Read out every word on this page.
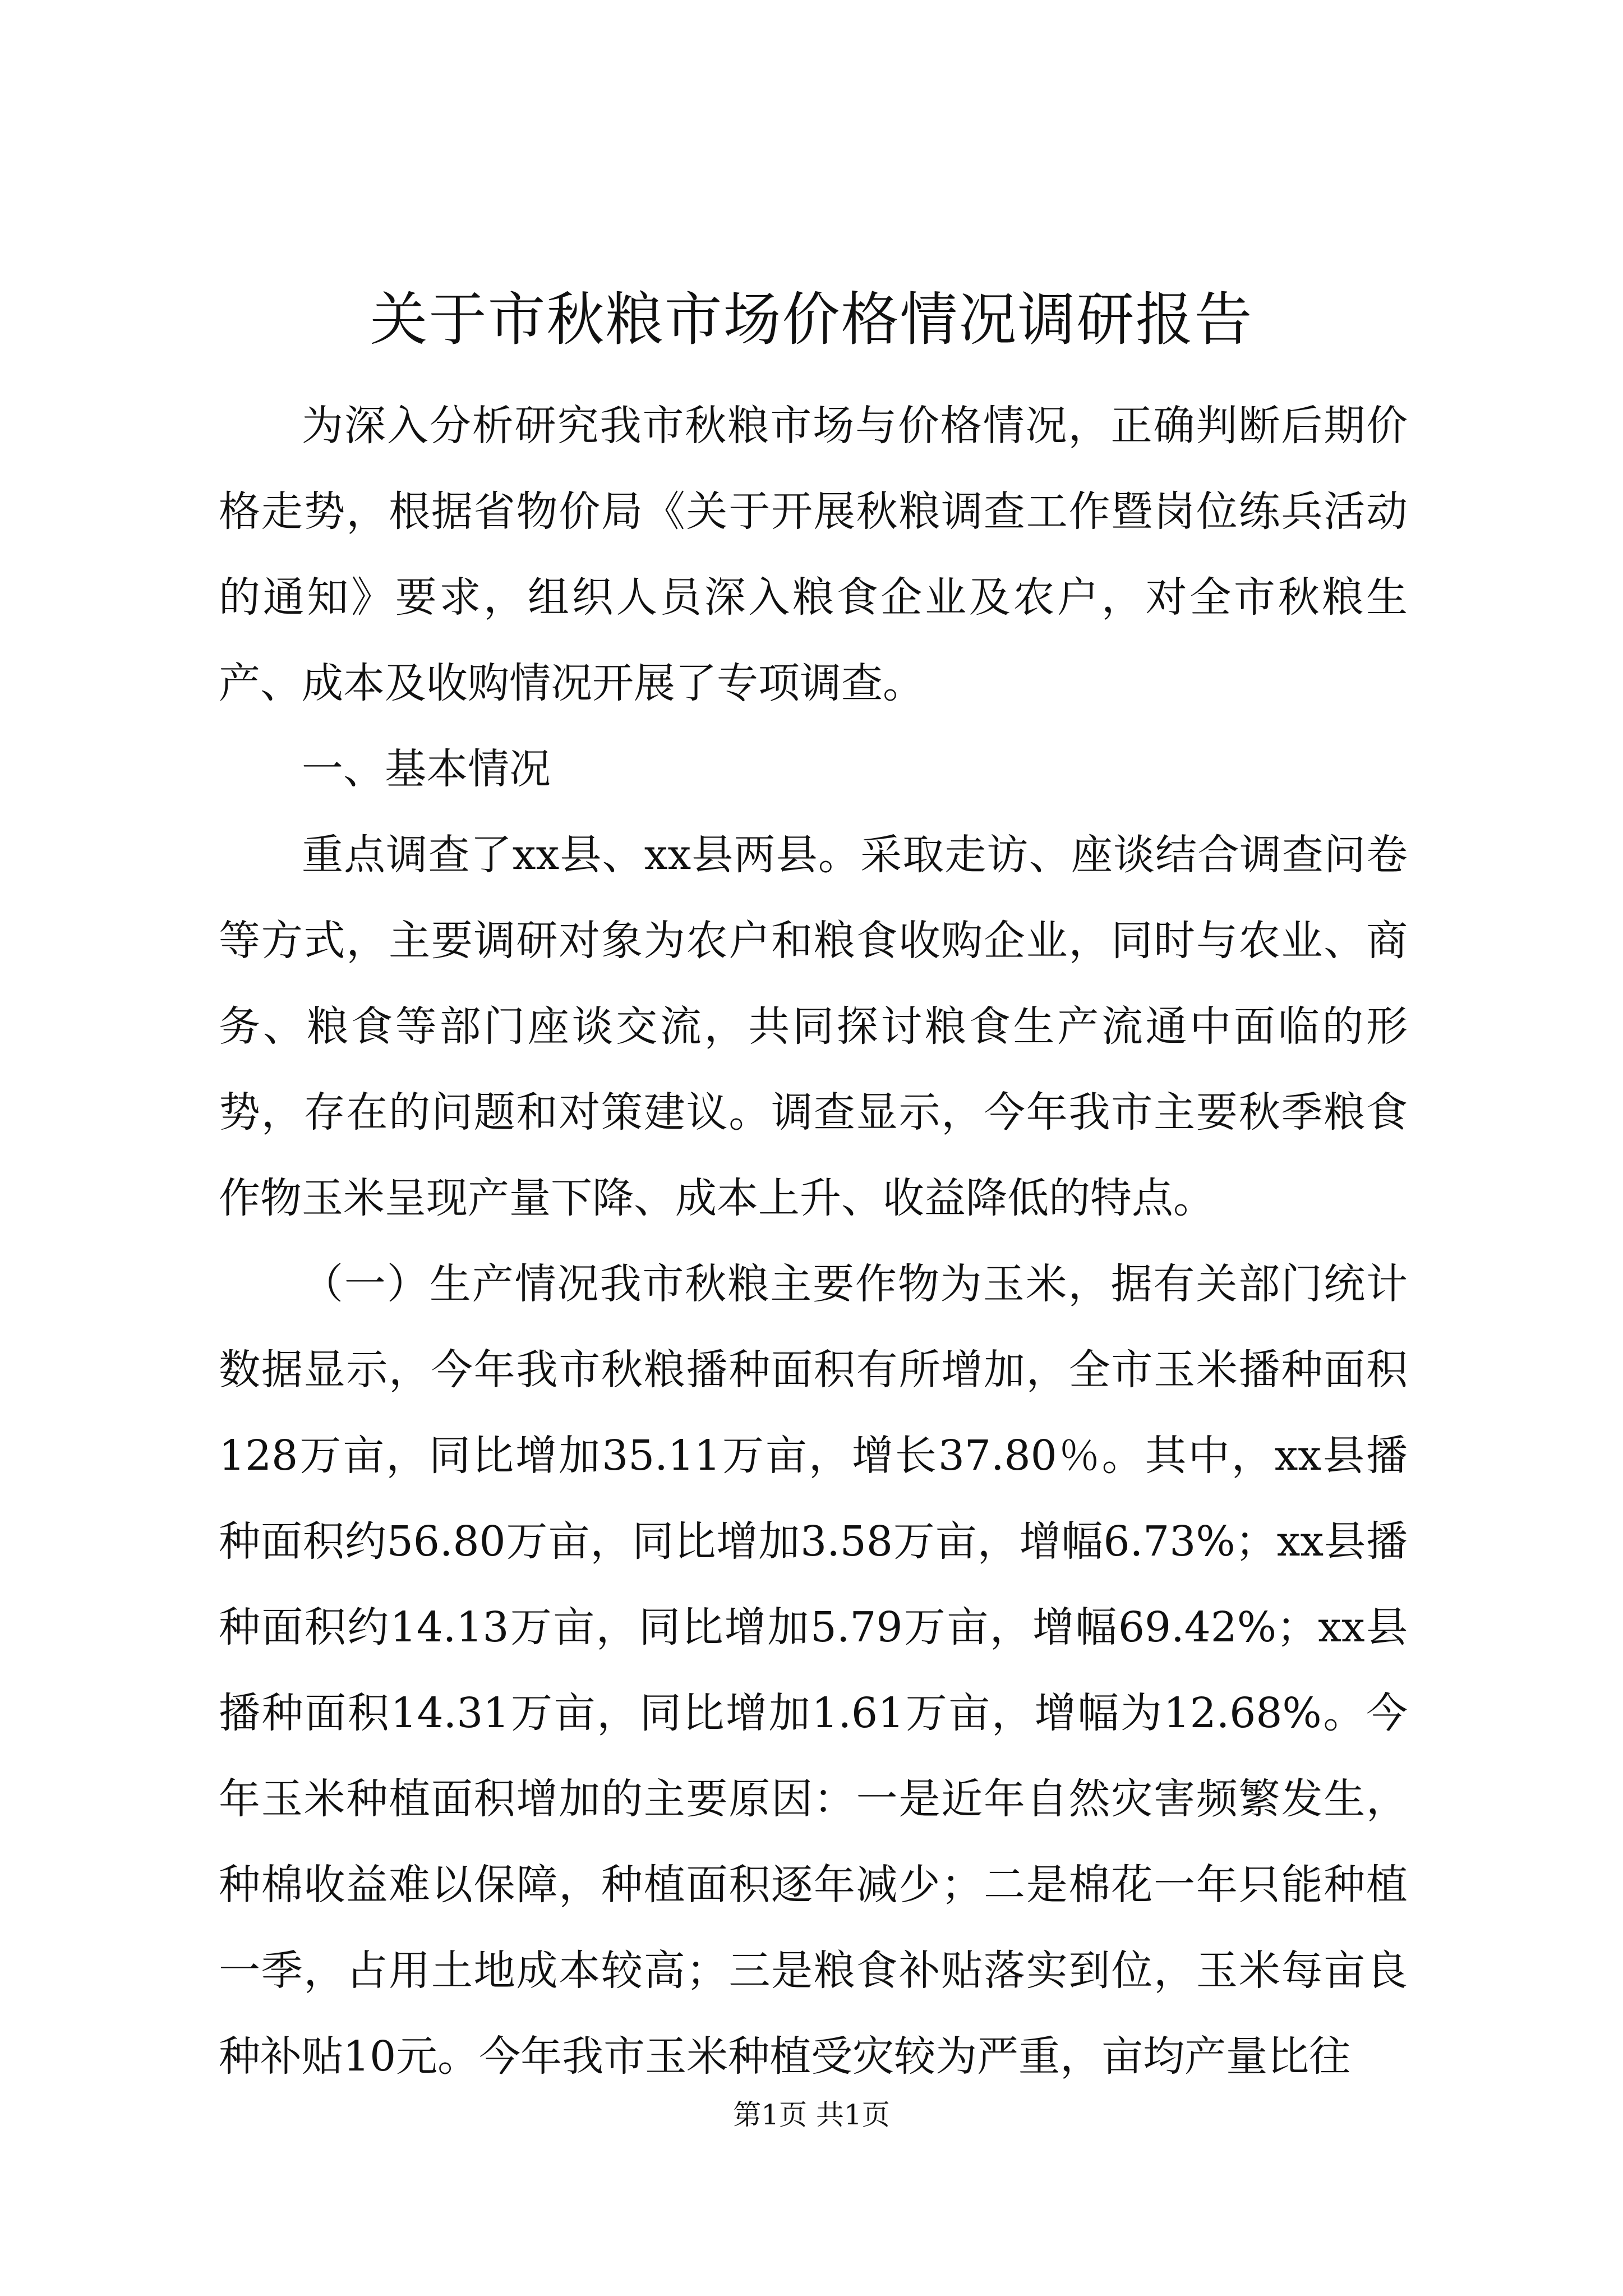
关于市秋粮市场价格情况调研报告

为深入分析研究我市秋粮市场与价格情况，正确判断后期价格走势，根据省物价局《关于开展秋粮调查工作暨岗位练兵活动的通知》要求，组织人员深入粮食企业及农户，对全市秋粮生产、成本及收购情况开展了专项调查。

一、基本情况

重点调查了xx县、xx县两县。采取走访、座谈结合调查问卷等方式，主要调研对象为农户和粮食收购企业，同时与农业、商务、粮食等部门座谈交流，共同探讨粮食生产流通中面临的形势，存在的问题和对策建议。调查显示，今年我市主要秋季粮食作物玉米呈现产量下降、成本上升、收益降低的特点。

（一）生产情况我市秋粮主要作物为玉米，据有关部门统计数据显示，今年我市秋粮播种面积有所增加，全市玉米播种面积128万亩，同比增加35.11万亩，增长37.80％。其中，xx县播种面积约56.80万亩，同比增加3.58万亩，增幅6.73%；xx县播种面积约14.13万亩，同比增加5.79万亩，增幅69.42%；xx县播种面积14.31万亩，同比增加1.61万亩，增幅为12.68%。今年玉米种植面积增加的主要原因：一是近年自然灾害频繁发生，种棉收益难以保障，种植面积逐年减少；二是棉花一年只能种植一季，占用土地成本较高；三是粮食补贴落实到位，玉米每亩良种补贴10元。今年我市玉米种植受灾较为严重，亩均产量比往

第1页 共1页
